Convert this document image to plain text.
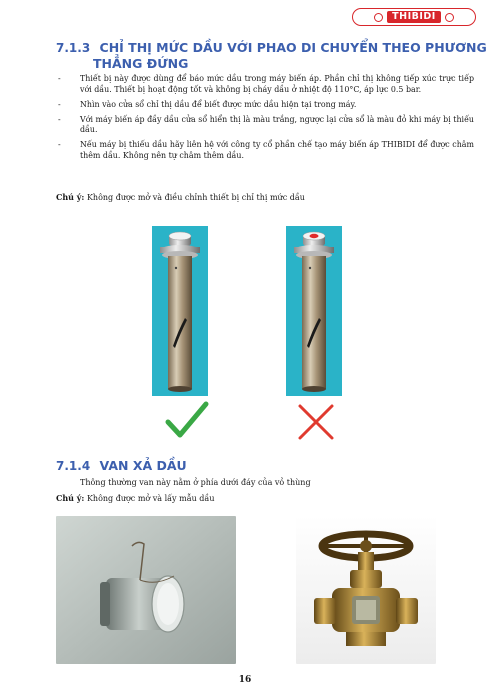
THIBIDI
7.1.3 CHỈ THỊ MỨC DẦU VỚI PHAO DI CHUYỂN THEO PHƯƠNG
THẲNG ĐỨNG
- Thiết bị này được dùng để báo mức dầu trong máy biến áp. Phần chỉ thị không tiếp xúc trực tiếp với dầu. Thiết bị hoạt động tốt và không bị cháy dầu ở nhiệt độ 110°C, áp lực 0.5 bar.
- Nhìn vào cửa sổ chỉ thị dầu để biết được mức dầu hiện tại trong máy.
- Với máy biến áp đầy dầu cửa sổ hiển thị là màu trắng, ngược lại cửa sổ là màu đỏ khi máy bị thiếu dầu.
- Nếu máy bị thiếu dầu hãy liên hệ với công ty cổ phần chế tạo máy biến áp THIBIDI để được châm thêm dầu. Không nên tự châm thêm dầu.
Chú ý: Không được mở và điều chỉnh thiết bị chỉ thị mức dầu
7.1.4 VAN XẢ DẦU
Thông thường van này nằm ở phía dưới đáy của vỏ thùng
Chú ý: Không được mở và lấy mẫu dầu
16
